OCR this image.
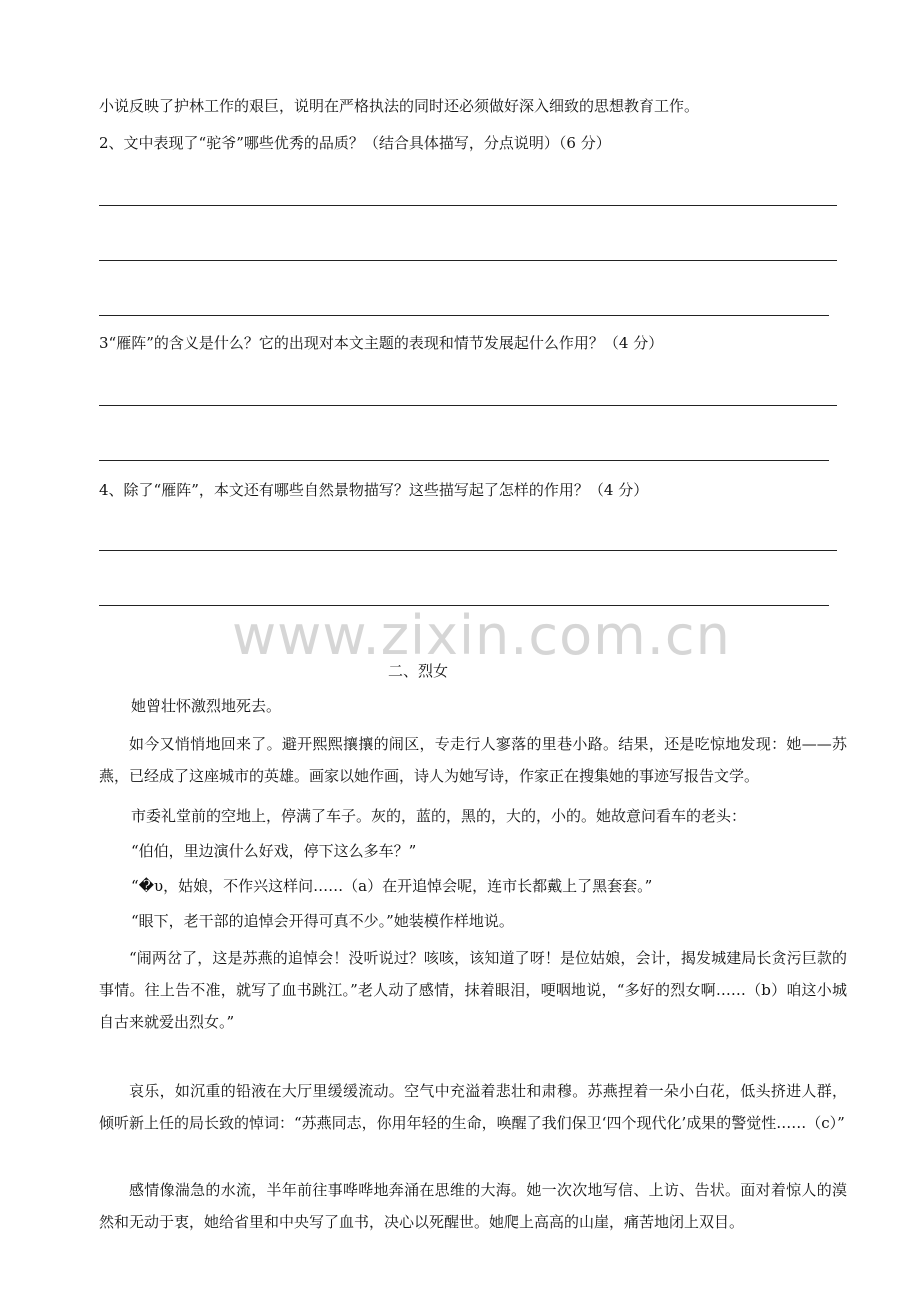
小说反映了护林工作的艰巨，说明在严格执法的同时还必须做好深入细致的思想教育工作。
2、文中表现了“驼爷”哪些优秀的品质？（结合具体描写，分点说明）（6 分）
3“雁阵”的含义是什么？它的出现对本文主题的表现和情节发展起什么作用？（4 分）
4、除了“雁阵”，本文还有哪些自然景物描写？这些描写起了怎样的作用？（4 分）
www.zixin.com.cn
二、烈女
她曾壮怀激烈地死去。
如今又悄悄地回来了。避开熙熙攘攘的闹区，专走行人寥落的里巷小路。结果，还是吃惊地发现：她——苏燕，已经成了这座城市的英雄。画家以她作画，诗人为她写诗，作家正在搜集她的事迹写报告文学。
市委礼堂前的空地上，停满了车子。灰的，蓝的，黑的，大的，小的。她故意问看车的老头：
“伯伯，里边演什么好戏，停下这么多车？”
“�υ，姑娘，不作兴这样问……（a）在开追悼会呢，连市长都戴上了黑套套。”
“眼下，老干部的追悼会开得可真不少。”她装模作样地说。
“闹两岔了，这是苏燕的追悼会！没听说过？咳咳，该知道了呀！是位姑娘，会计，揭发城建局长贪污巨款的事情。往上告不准，就写了血书跳江。”老人动了感情，抹着眼泪，哽咽地说，“多好的烈女啊……（b）咱这小城自古来就爱出烈女。”
哀乐，如沉重的铅液在大厅里缓缓流动。空气中充溢着悲壮和肃穆。苏燕捏着一朵小白花，低头挤进人群，倾听新上任的局长致的悼词：“苏燕同志，你用年轻的生命，唤醒了我们保卫‘四个现代化’成果的警觉性……（c）”
感情像湍急的水流，半年前往事哗哗地奔涌在思维的大海。她一次次地写信、上访、告状。面对着惊人的漠然和无动于衷，她给省里和中央写了血书，决心以死醒世。她爬上高高的山崖，痛苦地闭上双目。
